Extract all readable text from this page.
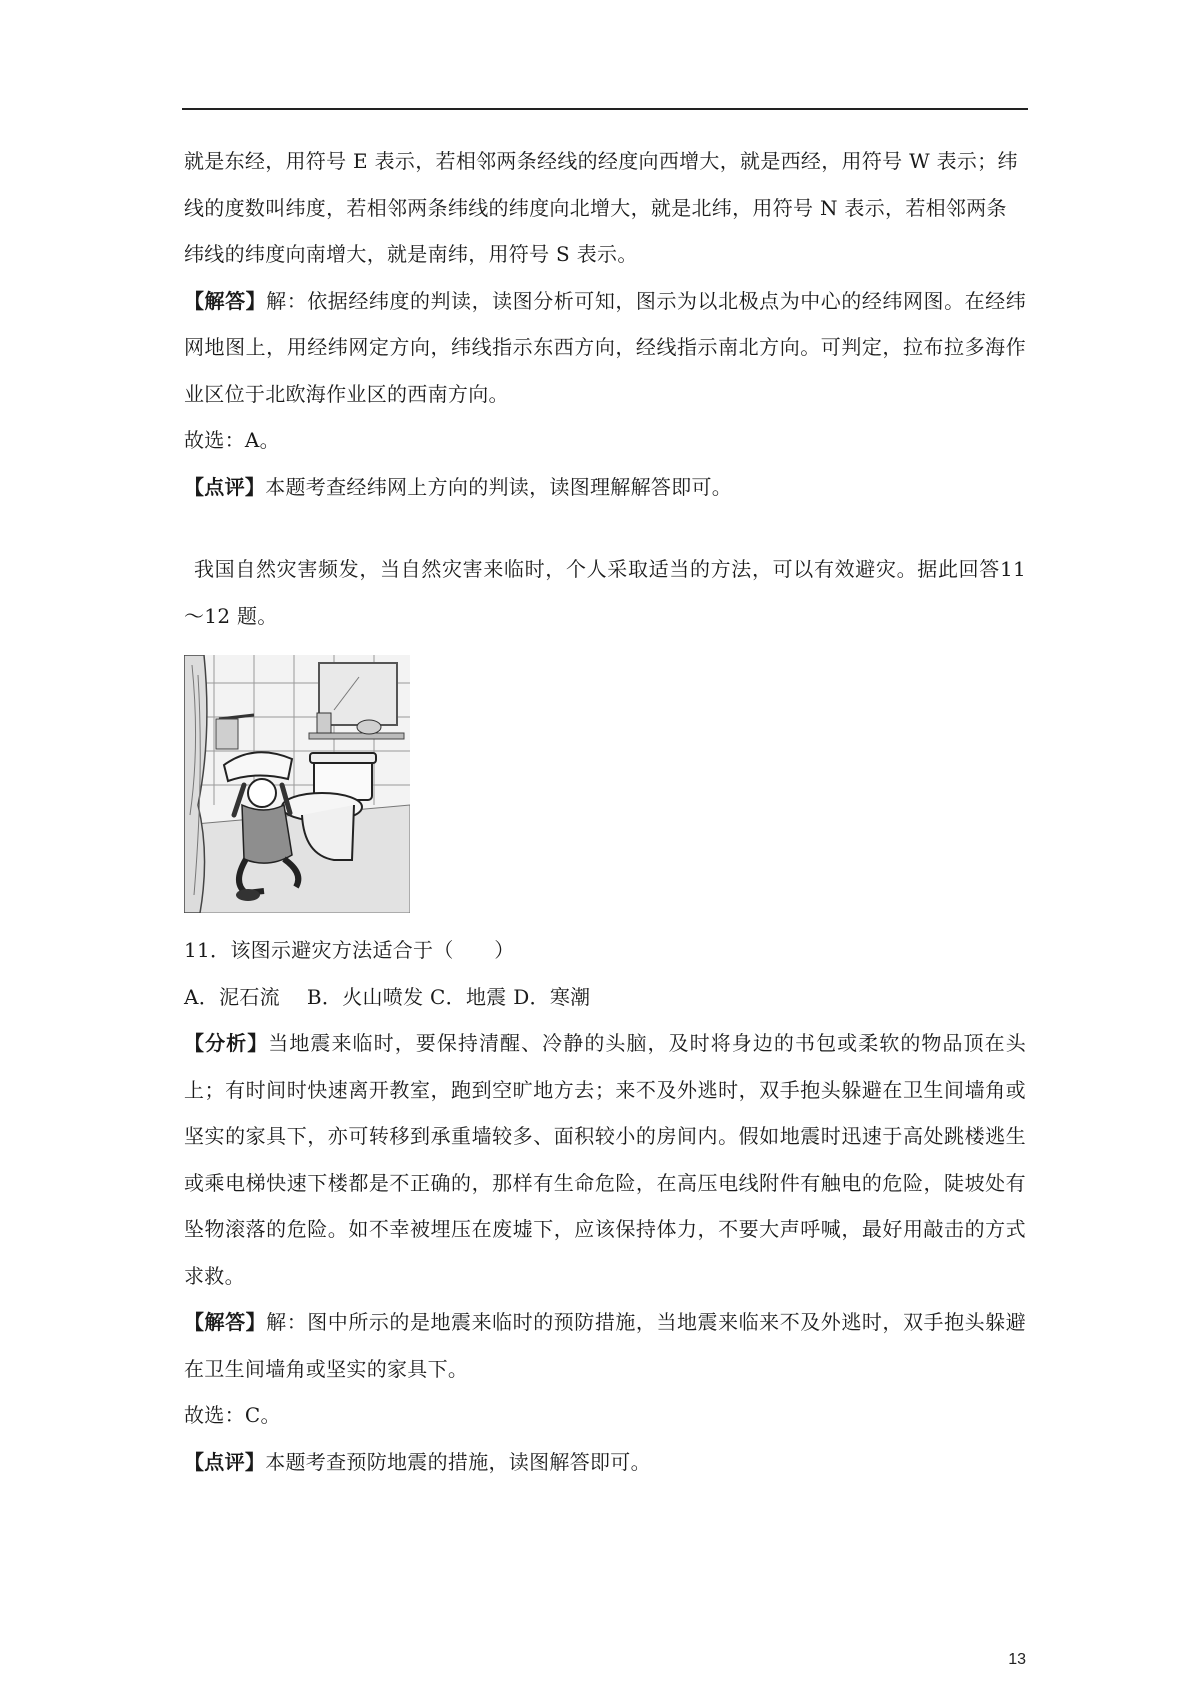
就是东经，用符号 E 表示，若相邻两条经线的经度向西增大，就是西经，用符号 W 表示；纬

线的度数叫纬度，若相邻两条纬线的纬度向北增大，就是北纬，用符号 N 表示，若相邻两条

纬线的纬度向南增大，就是南纬，用符号 S 表示。

【解答】解：依据经纬度的判读，读图分析可知，图示为以北极点为中心的经纬网图。在经纬网地图上，用经纬网定方向，纬线指示东西方向，经线指示南北方向。可判定，拉布拉多海作业区位于北欧海作业区的西南方向。

故选：A。

【点评】本题考查经纬网上方向的判读，读图理解解答即可。

我国自然灾害频发，当自然灾害来临时，个人采取适当的方法，可以有效避灾。据此回答11～12 题。

11．该图示避灾方法适合于（　　）

A．泥石流　 B．火山喷发 C．地震 D．寒潮

【分析】当地震来临时，要保持清醒、冷静的头脑，及时将身边的书包或柔软的物品顶在头上；有时间时快速离开教室，跑到空旷地方去；来不及外逃时，双手抱头躲避在卫生间墙角或坚实的家具下，亦可转移到承重墙较多、面积较小的房间内。假如地震时迅速于高处跳楼逃生或乘电梯快速下楼都是不正确的，那样有生命危险，在高压电线附件有触电的危险，陡坡处有坠物滚落的危险。如不幸被埋压在废墟下，应该保持体力，不要大声呼喊，最好用敲击的方式求救。

【解答】解：图中所示的是地震来临时的预防措施，当地震来临来不及外逃时，双手抱头躲避在卫生间墙角或坚实的家具下。

故选：C。

【点评】本题考查预防地震的措施，读图解答即可。

13
